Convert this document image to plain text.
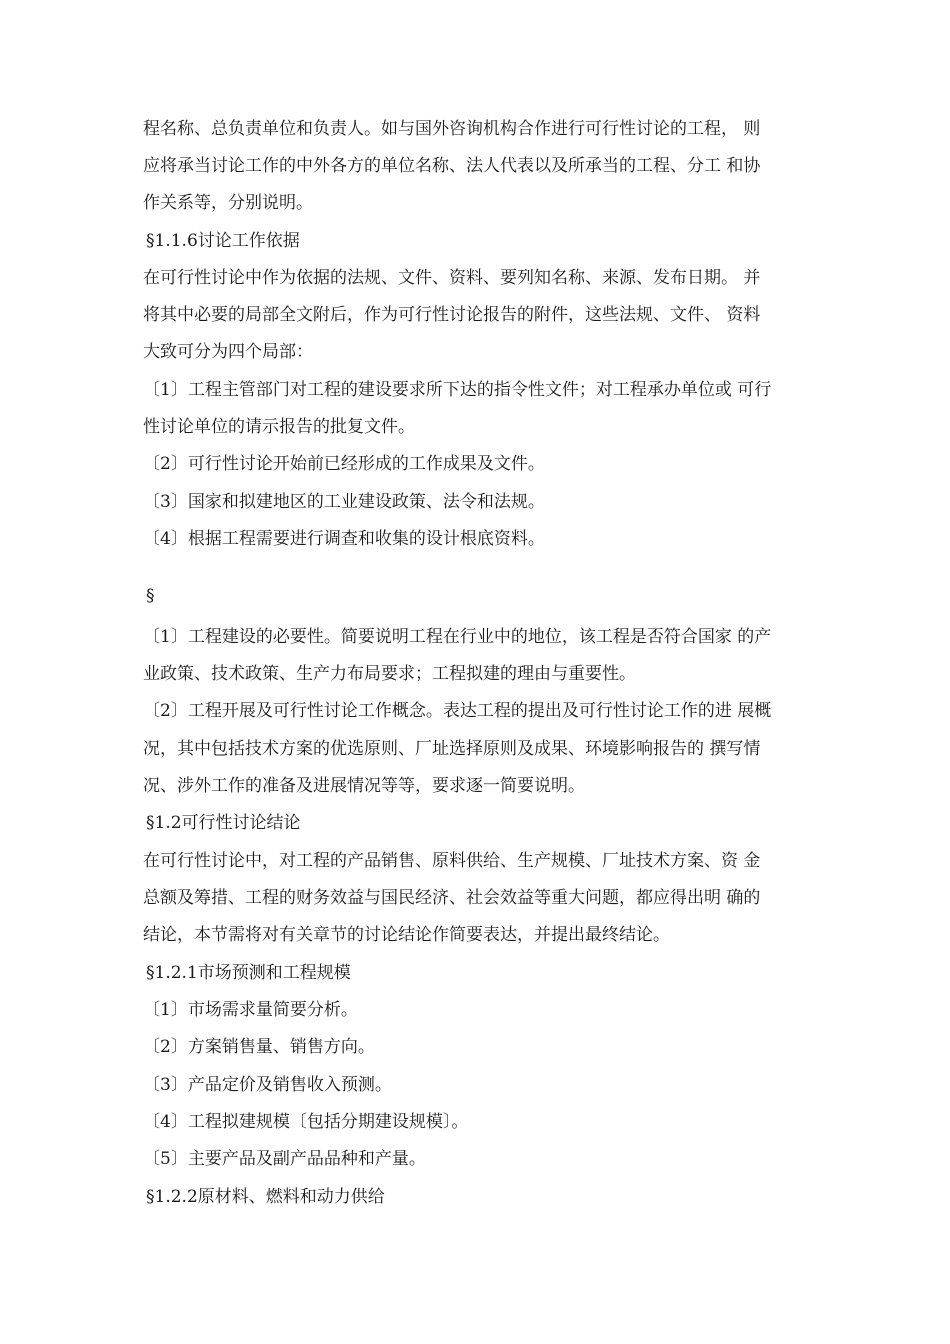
程名称、总负责单位和负责人。如与国外咨询机构合作进行可行性讨论的工程， 则
应将承当讨论工作的中外各方的单位名称、法人代表以及所承当的工程、分工 和协
作关系等，分别说明。
§1.1.6讨论工作依据
在可行性讨论中作为依据的法规、文件、资料、要列知名称、来源、发布日期。 并
将其中必要的局部全文附后，作为可行性讨论报告的附件，这些法规、文件、 资料
大致可分为四个局部：
〔1〕工程主管部门对工程的建设要求所下达的指令性文件；对工程承办单位或 可行
性讨论单位的请示报告的批复文件。
〔2〕可行性讨论开始前已经形成的工作成果及文件。
〔3〕国家和拟建地区的工业建设政策、法令和法规。
〔4〕根据工程需要进行调查和收集的设计根底资料。
§
〔1〕工程建设的必要性。简要说明工程在行业中的地位，该工程是否符合国家 的产
业政策、技术政策、生产力布局要求；工程拟建的理由与重要性。
〔2〕工程开展及可行性讨论工作概念。表达工程的提出及可行性讨论工作的进 展概
况，其中包括技术方案的优选原则、厂址选择原则及成果、环境影响报告的 撰写情
况、涉外工作的准备及进展情况等等，要求逐一简要说明。
§1.2可行性讨论结论
在可行性讨论中，对工程的产品销售、原料供给、生产规模、厂址技术方案、资 金
总额及筹措、工程的财务效益与国民经济、社会效益等重大问题，都应得出明 确的
结论，本节需将对有关章节的讨论结论作简要表达，并提出最终结论。
§1.2.1市场预测和工程规模
〔1〕市场需求量简要分析。
〔2〕方案销售量、销售方向。
〔3〕产品定价及销售收入预测。
〔4〕工程拟建规模〔包括分期建设规模〕。
〔5〕主要产品及副产品品种和产量。
§1.2.2原材料、燃料和动力供给
